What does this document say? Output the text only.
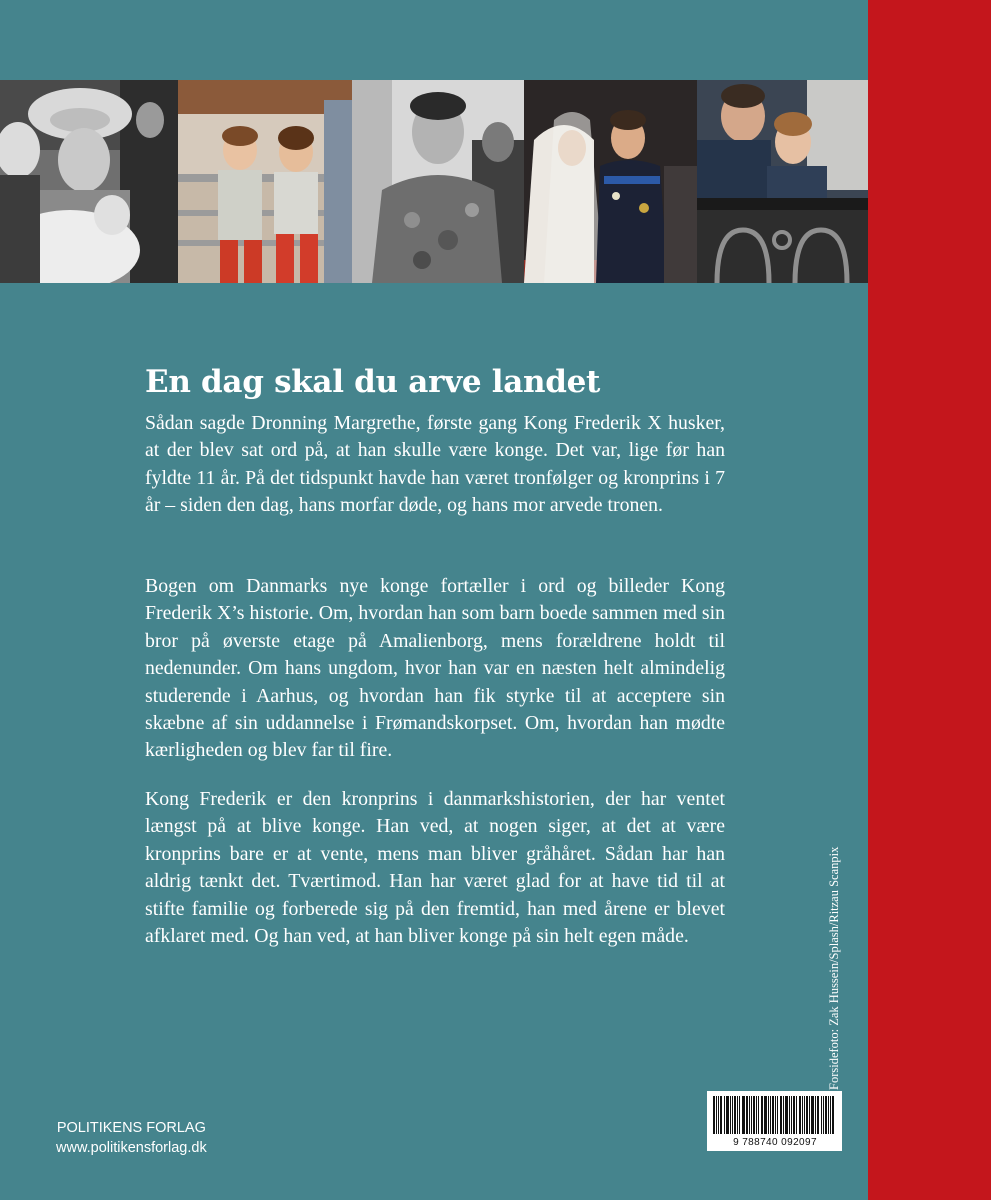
En dag skal du arve landet

Sådan sagde Dronning Margrethe, første gang Kong Frederik X husker, at der blev sat ord på, at han skulle være konge. Det var, lige før han fyldte 11 år. På det tidspunkt havde han været tronfølger og kronprins i 7 år – siden den dag, hans morfar døde, og hans mor arvede tronen.

Bogen om Danmarks nye konge fortæller i ord og billeder Kong Frederik X’s historie. Om, hvordan han som barn boede sammen med sin bror på øverste etage på Amalienborg, mens forældrene holdt til nedenunder. Om hans ungdom, hvor han var en næsten helt almindelig studerende i Aarhus, og hvordan han fik styrke til at acceptere sin skæbne af sin uddannelse i Frømandskorpset. Om, hvordan han mødte kærligheden og blev far til fire.

Kong Frederik er den kronprins i danmarkshistorien, der har ventet længst på at blive konge. Han ved, at nogen siger, at det at være kronprins bare er at vente, mens man bliver gråhåret. Sådan har han aldrig tænkt det. Tværtimod. Han har været glad for at have tid til at stifte familie og forberede sig på den fremtid, han med årene er blevet afklaret med. Og han ved, at han bliver konge på sin helt egen måde.	Forsidefoto: Zak Hussein/Splash/Ritzau Scanpix
POLITIKENS FORLAG
www.politikensforlag.dk	9 788740 092097
